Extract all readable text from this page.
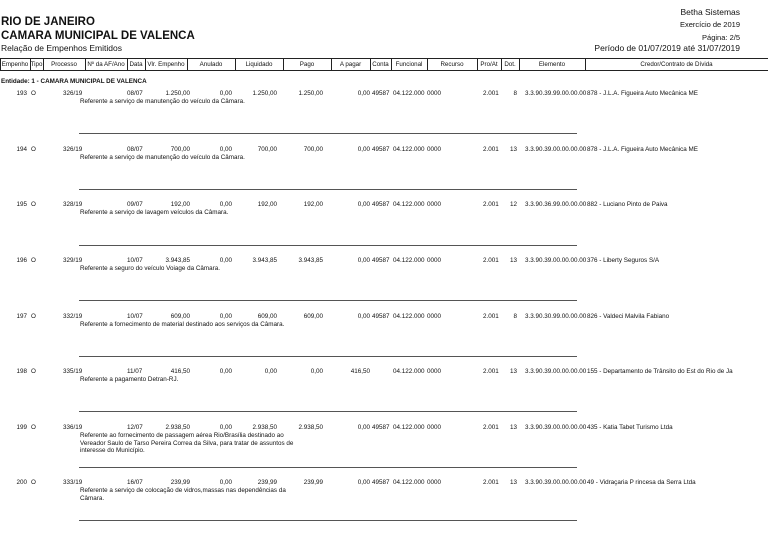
Betha Sistemas
RIO DE JANEIRO	Exercício de 2019
CAMARA MUNICIPAL DE VALENCA	Página: 2/5
Relação de Empenhos Emitidos	Período de 01/07/2019 até 31/07/2019
Empenho Tipo	Processo	Nº da AF/Ano Data Vlr. Empenho	Anulado	Liquidado	Pago	A pagar	Conta	Funcional	Recurso	Pro/At	Dot.	Elemento	Credor/Contrato de Dívida
Entidade: 1 - CAMARA MUNICIPAL DE VALENCA
193 O	326/19	08/07	1.250,00	0,00	1.250,00	1.250,00	0,00 49587 04.122.000 0000	2.001	8 3.3.90.39.99.00.00.00 878 - J.L.A. Figueira Auto Mecânica ME
Referente a serviço de manutenção do veículo da Câmara.
194 O	326/19	08/07	700,00	0,00	700,00	700,00	0,00 49587 04.122.000 0000	2.001	13 3.3.90.39.00.00.00.00 878 - J.L.A. Figueira Auto Mecânica ME
Referente a serviço de manutenção do veículo da Câmara.
195 O	328/19	09/07	192,00	0,00	192,00	192,00	0,00 49587 04.122.000 0000	2.001	12 3.3.90.36.99.00.00.00 882 - Luciano Pinto de Paiva
Referente a serviço de lavagem veículos da Câmara.
196 O	329/19	10/07	3.943,85	0,00	3.943,85	3.943,85	0,00 49587 04.122.000 0000	2.001	13 3.3.90.39.00.00.00.00 376 - Liberty Seguros S/A
Referente a seguro do veículo Voiage da Câmara.
197 O	332/19	10/07	609,00	0,00	609,00	609,00	0,00 49587 04.122.000 0000	2.001	8 3.3.90.30.99.00.00.00 826 - Valdeci Malvila Fabiano
Referente a fornecimento de material destinado aos serviços da Câmara.
198 O	335/19	11/07	416,50	0,00	0,00	0,00	416,50	04.122.000 0000	2.001	13 3.3.90.39.00.00.00.00 155 - Departamento de Trânsito do Est do Rio de Ja
Referente a pagamento Detran-RJ.
199 O	336/19	12/07	2.938,50	0,00	2.938,50	2.938,50	0,00 49587 04.122.000 0000	2.001	13 3.3.90.39.00.00.00.00 435 - Katia Tabet Turismo Ltda
Referente ao fornecimento de passagem aérea Rio/Brasília destinado ao Vereador Saulo de Tarso Pereira Correa da Silva, para tratar de assuntos de interesse do Município.
200 O	333/19	16/07	239,99	0,00	239,99	239,99	0,00 49587 04.122.000 0000	2.001	13 3.3.90.39.00.00.00.00 49 - Vidraçaria P rincesa da Serra Ltda
Referente a serviço de colocação de vidros,massas nas dependências da Câmara.
